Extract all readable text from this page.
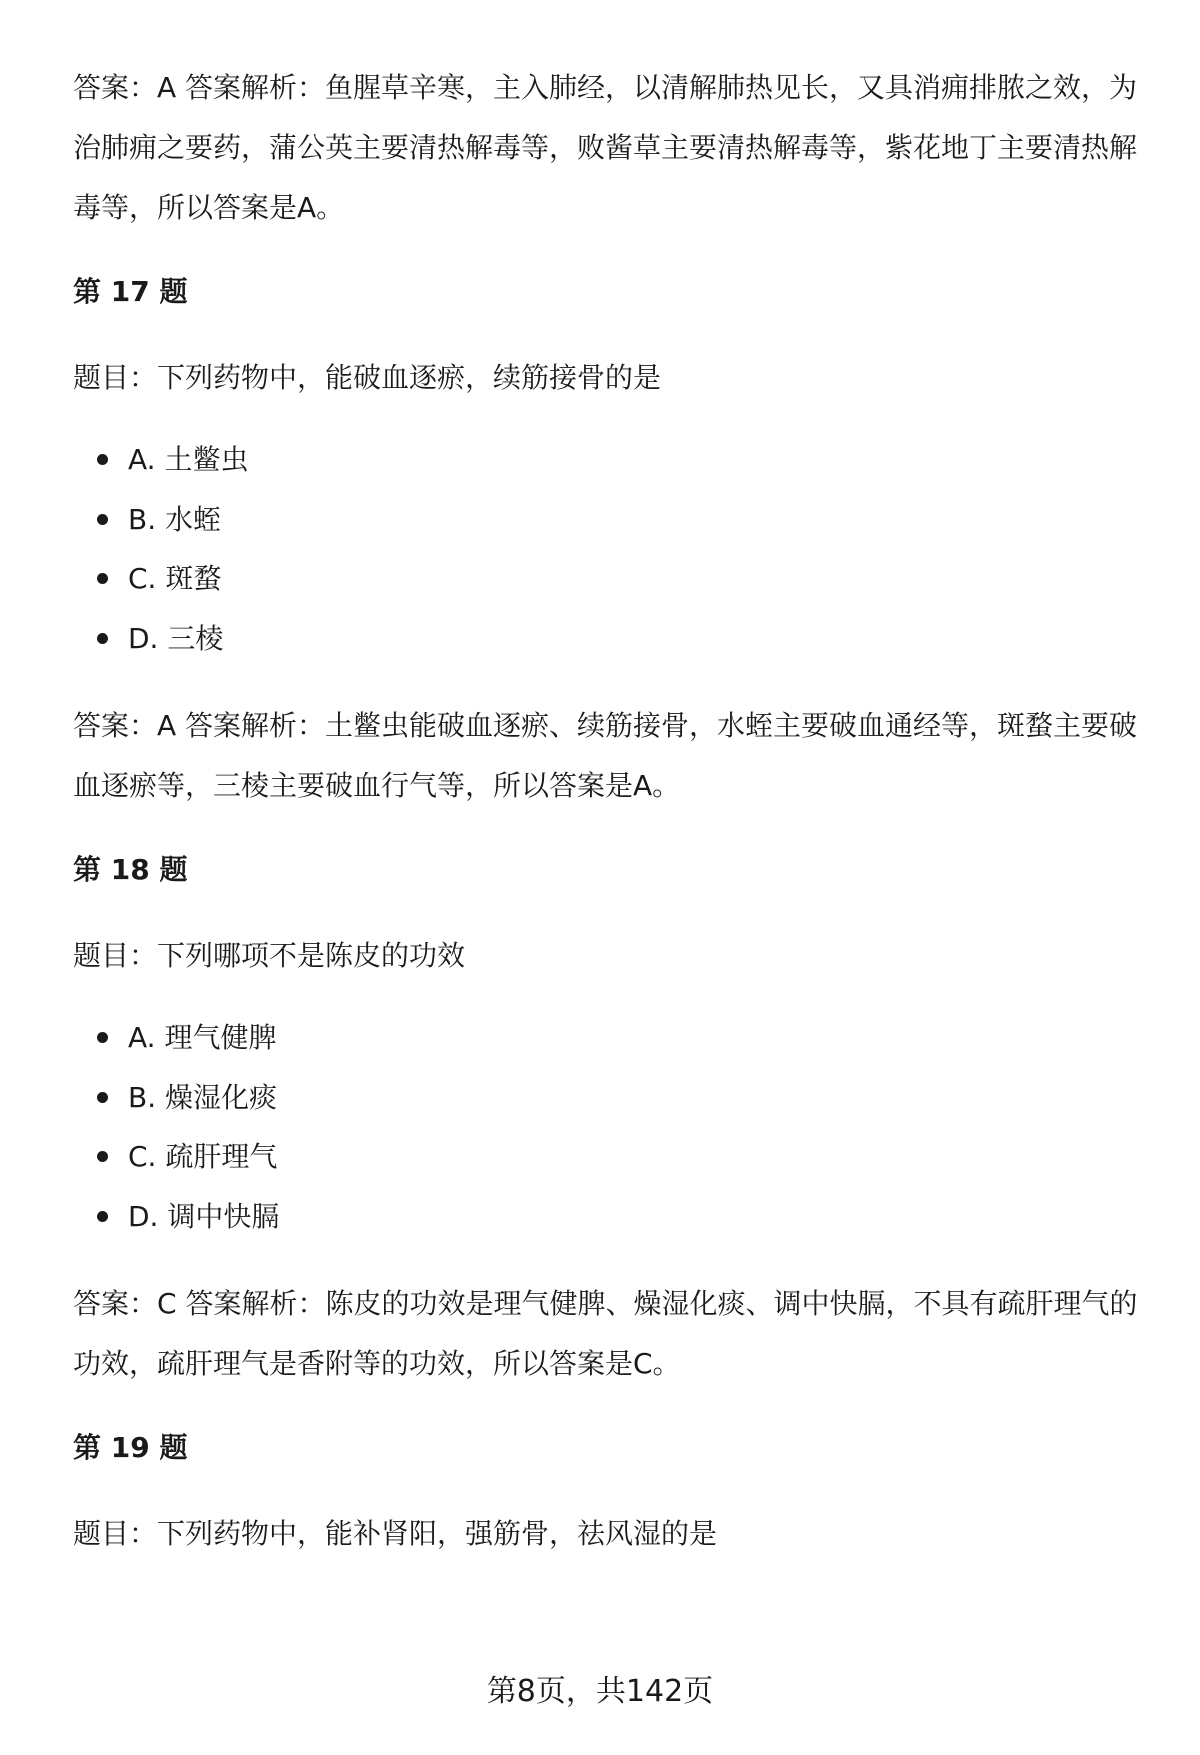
答案：A 答案解析：鱼腥草辛寒，主入肺经，以清解肺热见长，又具消痈排脓之效，为治肺痈之要药，蒲公英主要清热解毒等，败酱草主要清热解毒等，紫花地丁主要清热解毒等，所以答案是A。

第 17 题

题目：下列药物中，能破血逐瘀，续筋接骨的是

A. 土鳖虫
B. 水蛭
C. 斑蝥
D. 三棱

答案：A 答案解析：土鳖虫能破血逐瘀、续筋接骨，水蛭主要破血通经等，斑蝥主要破血逐瘀等，三棱主要破血行气等，所以答案是A。

第 18 题

题目：下列哪项不是陈皮的功效

A. 理气健脾
B. 燥湿化痰
C. 疏肝理气
D. 调中快膈

答案：C 答案解析：陈皮的功效是理气健脾、燥湿化痰、调中快膈，不具有疏肝理气的功效，疏肝理气是香附等的功效，所以答案是C。

第 19 题

题目：下列药物中，能补肾阳，强筋骨，祛风湿的是

第8页，共142页
